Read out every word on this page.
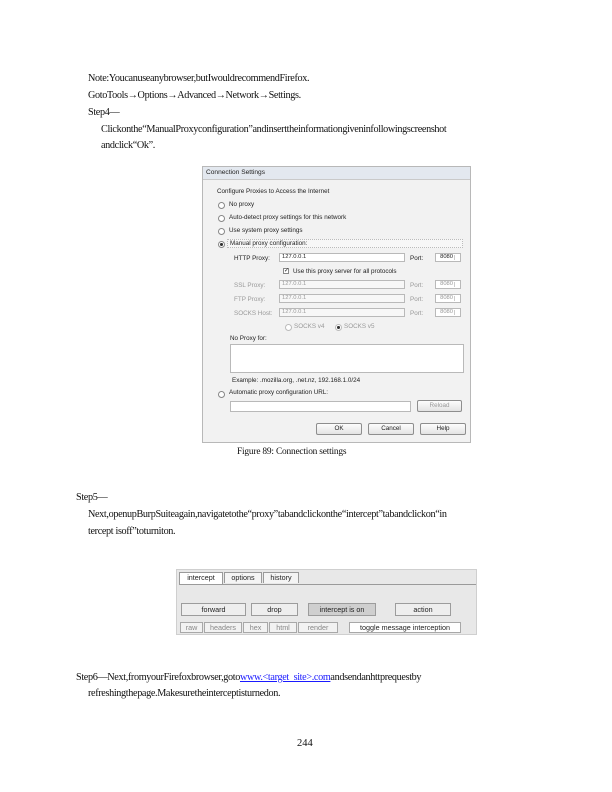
Note:Youcanuseanybrowser,butIwouldrecommendFirefox.
GotoTools→Options→Advanced→Network→Settings.
Step4—
Clickonthe“ManualProxyconfiguration”andinserttheinformationgiveninfollowingscreenshot
andclick“Ok”.
Connection Settings
Configure Proxies to Access the Internet
No proxy
Auto-detect proxy settings for this network
Use system proxy settings
Manual proxy configuration:
HTTP Proxy:	127.0.0.1	Port:	8080
✓ Use this proxy server for all protocols
SSL Proxy:	127.0.0.1	Port:	8080
FTP Proxy:	127.0.0.1	Port:	8080
SOCKS Host:	127.0.0.1	Port:	8080
SOCKS v4	SOCKS v5
No Proxy for:
Example: .mozilla.org, .net.nz, 192.168.1.0/24
Automatic proxy configuration URL:
Reload
OK	Cancel	Help
Figure 89: Connection settings
Step5—
Next,openupBurpSuiteagain,navigatetothe“proxy”tabandclickonthe“intercept”tabandclickon“in
tercept isoff”toturniton.
intercept	options	history
forward	drop	intercept is on	action
raw	headers	hex	html	render	toggle message interception
Step6—Next,fromyourFirefoxbrowser,gotowww.<target_site>.comandsendanhttprequestby
refreshingthepage.Makesuretheinterceptisturnedon.
244
